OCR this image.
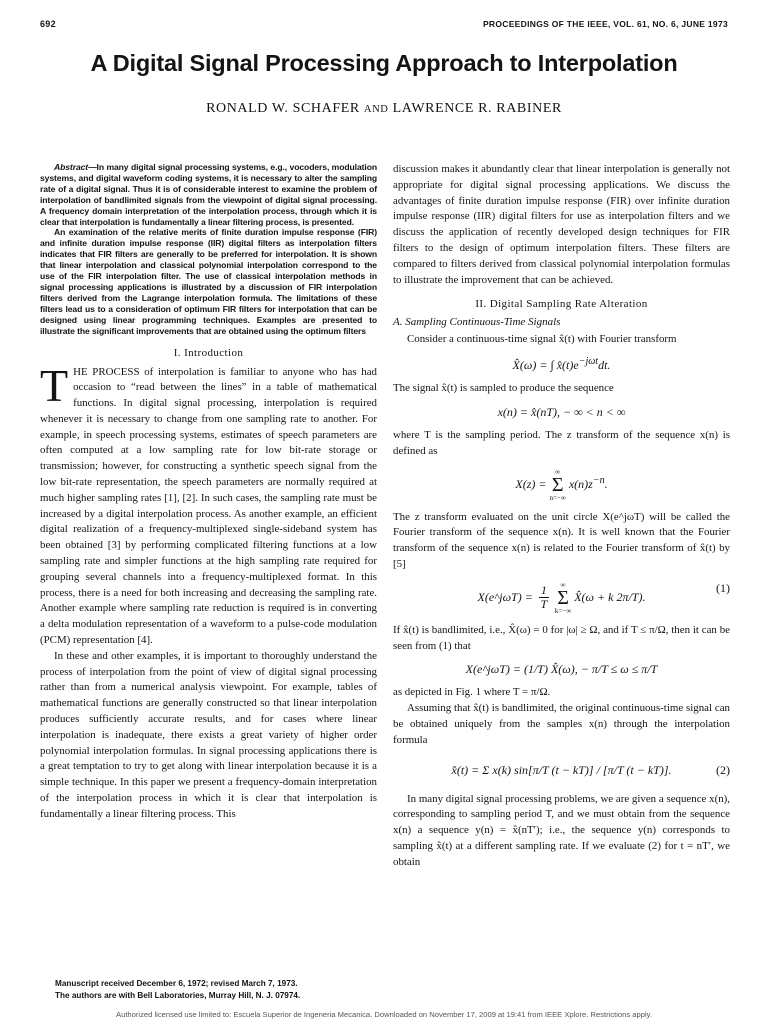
692	PROCEEDINGS OF THE IEEE, VOL. 61, NO. 6, JUNE 1973
A Digital Signal Processing Approach to Interpolation
RONALD W. SCHAFER AND LAWRENCE R. RABINER

Abstract—In many digital signal processing systems, e.g., vocoders, modulation systems, and digital waveform coding systems, it is necessary to alter the sampling rate of a digital signal. Thus it is of considerable interest to examine the problem of interpolation of bandlimited signals from the viewpoint of digital signal processing. A frequency domain interpretation of the interpolation process, through which it is clear that interpolation is fundamentally a linear filtering process, is presented.

An examination of the relative merits of finite duration impulse response (FIR) and infinite duration impulse response (IIR) digital filters as interpolation filters indicates that FIR filters are generally to be preferred for interpolation. It is shown that linear interpolation and classical polynomial interpolation correspond to the use of the FIR interpolation filter. The use of classical interpolation methods in signal processing applications is illustrated by a discussion of FIR interpolation filters derived from the Lagrange interpolation formula. The limitations of these filters lead us to a consideration of optimum FIR filters for interpolation that can be designed using linear programming techniques. Examples are presented to illustrate the significant improvements that are obtained using the optimum filters

I. Introduction

THE PROCESS of interpolation is familiar to anyone who has had occasion to “read between the lines” in a table of mathematical functions. In digital signal processing, interpolation is required whenever it is necessary to change from one sampling rate to another. For example, in speech processing systems, estimates of speech parameters are often computed at a low sampling rate for low bit-rate storage or transmission; however, for constructing a synthetic speech signal from the low bit-rate representation, the speech parameters are normally required at much higher sampling rates [1], [2]. In such cases, the sampling rate must be increased by a digital interpolation process. As another example, an efficient digital realization of a frequency-multiplexed single-sideband system has been obtained [3] by performing complicated filtering functions at a low sampling rate and simpler functions at the high sampling rate required for grouping several channels into a frequency-multiplexed format. In this process, there is a need for both increasing and decreasing the sampling rate. Another example where sampling rate reduction is required is in converting a delta modulation representation of a waveform to a pulse-code modulation (PCM) representation [4].

In these and other examples, it is important to thoroughly understand the process of interpolation from the point of view of digital signal processing rather than from a numerical analysis viewpoint. For example, tables of mathematical functions are generally constructed so that linear interpolation produces sufficiently accurate results, and for cases where linear interpolation is inadequate, there exists a great variety of higher order polynomial interpolation formulas. In signal processing applications there is a great temptation to try to get along with linear interpolation because it is a simple technique. In this paper we present a frequency-domain interpretation of the interpolation process in which it is clear that interpolation is fundamentally a linear filtering process. This

Manuscript received December 6, 1972; revised March 7, 1973.

The authors are with Bell Laboratories, Murray Hill, N. J. 07974.

discussion makes it abundantly clear that linear interpolation is generally not appropriate for digital signal processing applications. We discuss the advantages of finite duration impulse response (FIR) over infinite duration impulse response (IIR) digital filters for use as interpolation filters and we discuss the application of recently developed design techniques for FIR filters to the design of optimum interpolation filters. These filters are compared to filters derived from classical polynomial interpolation formulas to illustrate the improvement that can be achieved.

II. Digital Sampling Rate Alteration
A. Sampling Continuous-Time Signals

Consider a continuous-time signal x̂(t) with Fourier transform

X̂(ω) = ∫ $x̂(t)e^{-j\omega t}dt$.

The signal x̂(t) is sampled to produce the sequence

x(n) = x̂(nT), − ∞ < n < ∞

where T is the sampling period. The z transform of the sequence x(n) is defined as

X(z) =
∞
Σ
n=−∞
$x(n)z^{-n}$.

The z transform evaluated on the unit circle X(e^jωT) will be called the Fourier transform of the sequence x(n). It is well known that the Fourier transform of the sequence x(n) is related to the Fourier transform of x̂(t) by [5]

X(e^jωT) = $\frac{1}{T}$
	∞
Σ
k=−∞
X̂(ω + k 2π/T).
(1)

If x̂(t) is bandlimited, i.e., X̂(ω) = 0 for |ω| ≥ Ω, and if T ≤ π/Ω, then it can be seen from (1) that

X(e^jωT) = (1/T) X̂(ω), − π/T ≤ ω ≤ π/T

as depicted in Fig. 1 where T = π/Ω.

Assuming that x̂(t) is bandlimited, the original continuous-time signal can be obtained uniquely from the samples x(n) through the interpolation formula

x̂(t) = Σ x(k) sin[π/T (t − kT)] / [π/T (t − kT)].	(2)

In many digital signal processing problems, we are given a sequence x(n), corresponding to sampling period T, and we must obtain from the sequence x(n) a sequence y(n) = x̂(nT′); i.e., the sequence y(n) corresponds to sampling x̂(t) at a different sampling rate. If we evaluate (2) for t = nT′, we obtain

Authorized licensed use limited to: Escuela Superior de Ingeneria Mecanica. Downloaded on November 17, 2009 at 19:41 from IEEE Xplore. Restrictions apply.
